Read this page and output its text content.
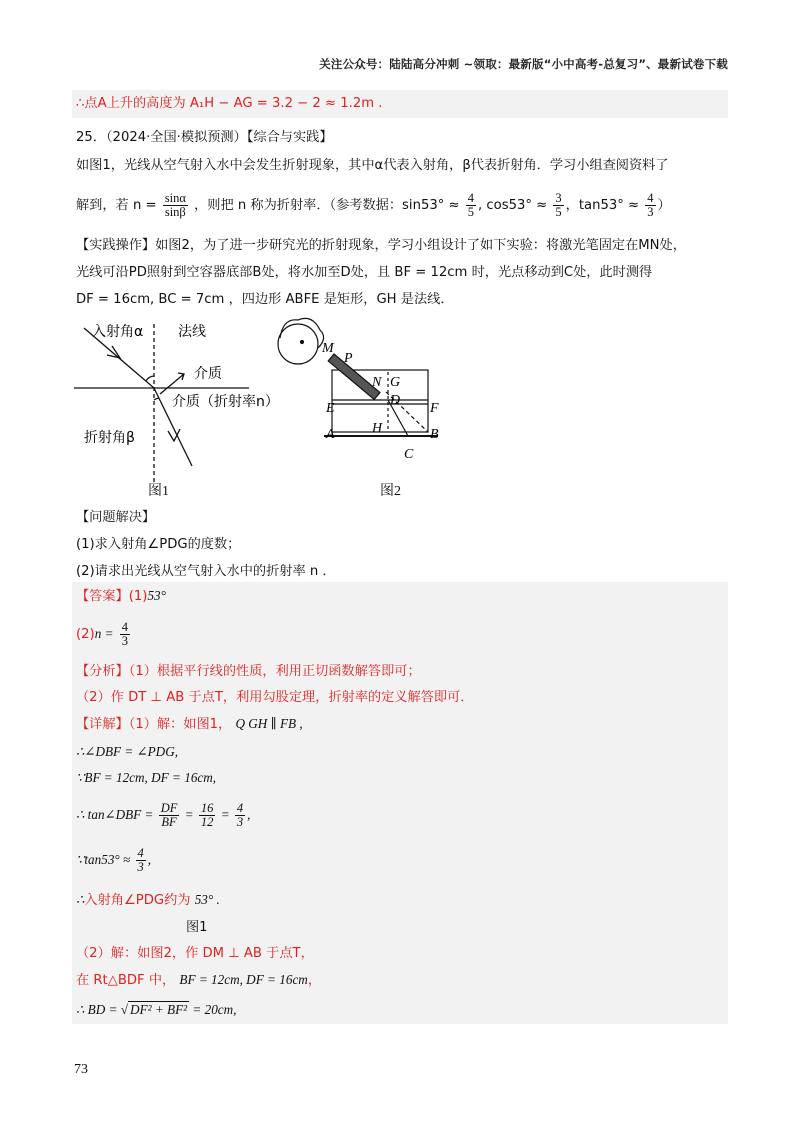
关注公众号：陆陆高分冲刺 ~领取：最新版“小中高考-总复习”、最新试卷下载
∴点A上升的高度为 A₁H − AG = 3.2 − 2 ≈ 1.2m .
25．（2024·全国·模拟预测）【综合与实践】
如图1，光线从空气射入水中会发生折射现象，其中α代表入射角，β代表折射角．学习小组查阅资料了
解到，若 $n = \frac{\sin\alpha}{\sin\beta}$ ，则把 n 称为折射率．（参考数据：$\sin 53^\circ \approx \frac{4}{5}$ , $\cos 53^\circ \approx \frac{3}{5}$ ，$\tan 53^\circ \approx \frac{4}{3}$ ）
【实践操作】如图2，为了进一步研究光的折射现象，学习小组设计了如下实验：将激光笔固定在MN处，
光线可沿PD照射到空容器底部B处，将水加至D处，且 BF = 12cm 时，光点移动到C处，此时测得
DF = 16cm, BC = 7cm ，四边形 ABFE 是矩形，GH 是法线．
入射角α 法线
介质
介质（折射率n）
折射角β
图1
M
P
N G
D
E	F
A	H	B
C
图2
【问题解决】
(1)求入射角∠PDG的度数；
(2)请求出光线从空气射入水中的折射率 n ．
【答案】(1)53°
$(2)n = \frac{4}{3}$
【分析】（1）根据平行线的性质，利用正切函数解答即可；
（2）作 DT ⊥ AB 于点T，利用勾股定理，折射率的定义解答即可．
【详解】（1）解：如图1， Q GH ∥ FB ,
∴∠DBF = ∠PDG,
∵BF = 12cm, DF = 16cm,
∴ tan∠DBF = $\frac{DF}{BF} = \frac{16}{12} = \frac{4}{3}$ ,
∵tan53° ≈ $\frac{4}{3}$ ,
∴入射角∠PDG约为 53° .
图1
（2）解：如图2，作 DM ⊥ AB 于点T，
在 Rt△BDF 中， BF = 12cm, DF = 16cm，
∴ BD = √ DF² + BF² = 20cm,
73
